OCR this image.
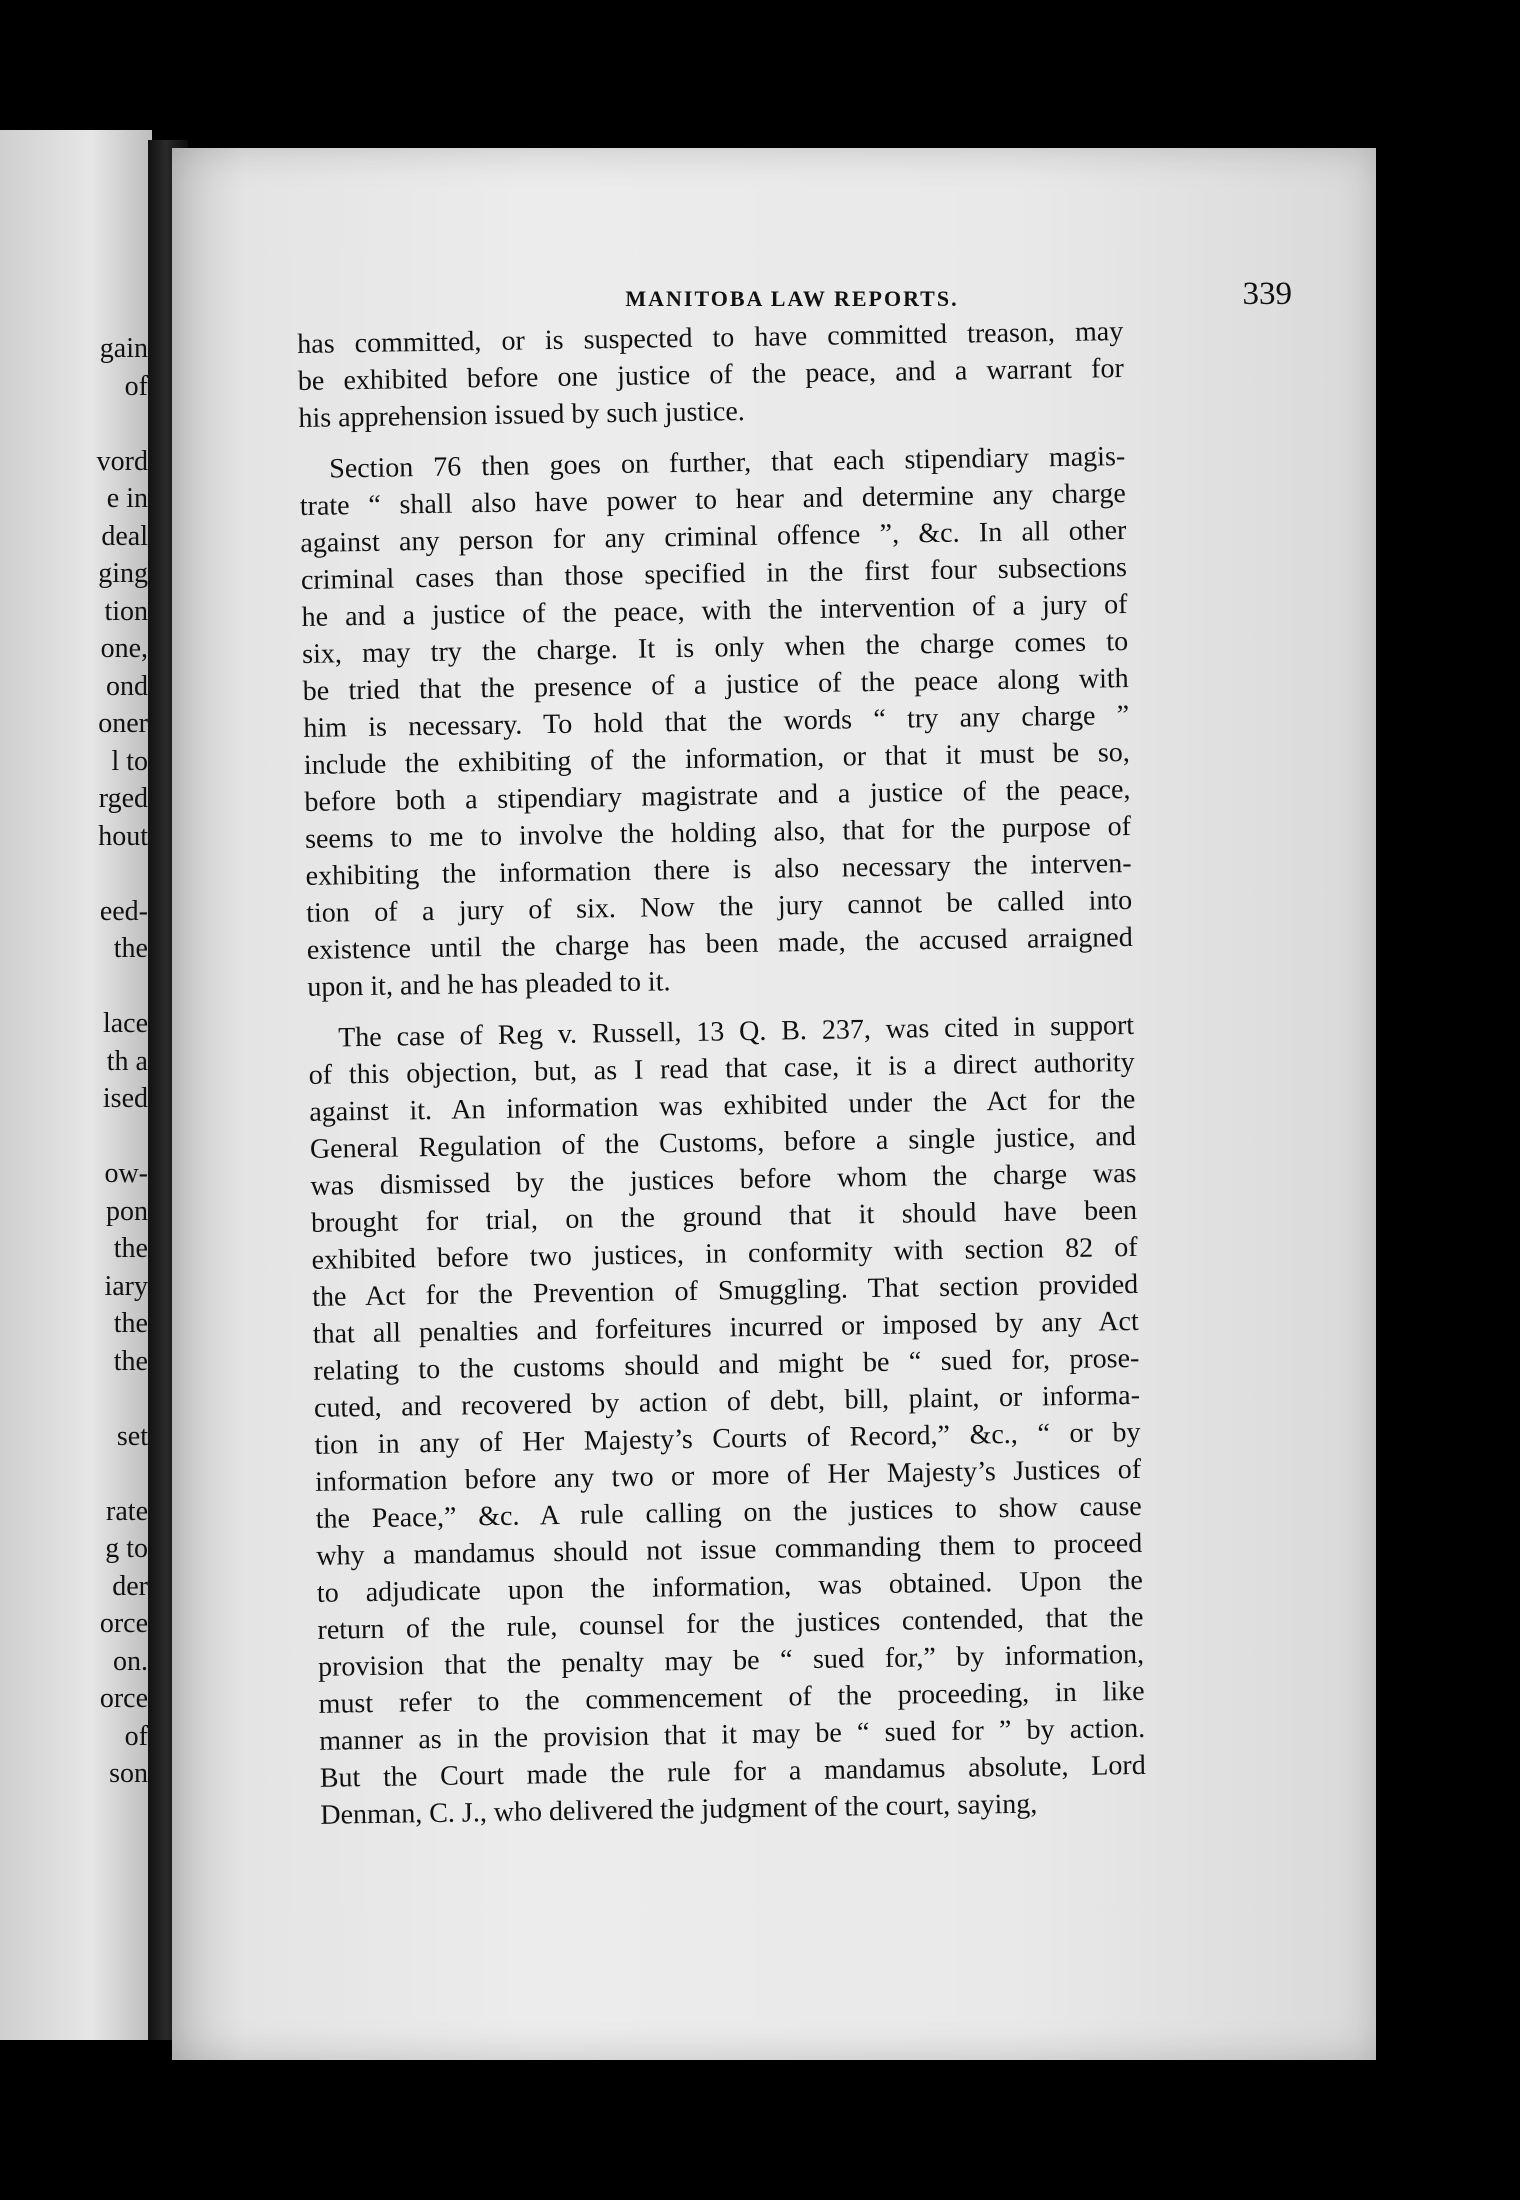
gain
of
vord
e in
deal
ging
tion
one,
ond
oner
l to
rged
hout
eed-
the
lace
th a
ised
ow-
pon
the
iary
the
the
set
rate
g to
der
orce
on.
orce
of
son
MANITOBA LAW REPORTS.	339
has committed, or is suspected to have committed treason, may
be exhibited before one justice of the peace, and a warrant for
his apprehension issued by such justice.
Section 76 then goes on further, that each stipendiary magis-
trate “ shall also have power to hear and determine any charge
against any person for any criminal offence ”, &c. In all other
criminal cases than those specified in the first four subsections
he and a justice of the peace, with the intervention of a jury of
six, may try the charge. It is only when the charge comes to
be tried that the presence of a justice of the peace along with
him is necessary. To hold that the words “ try any charge ”
include the exhibiting of the information, or that it must be so,
before both a stipendiary magistrate and a justice of the peace,
seems to me to involve the holding also, that for the purpose of
exhibiting the information there is also necessary the interven-
tion of a jury of six. Now the jury cannot be called into
existence until the charge has been made, the accused arraigned
upon it, and he has pleaded to it.
The case of Reg v. Russell, 13 Q. B. 237, was cited in support
of this objection, but, as I read that case, it is a direct authority
against it. An information was exhibited under the Act for the
General Regulation of the Customs, before a single justice, and
was dismissed by the justices before whom the charge was
brought for trial, on the ground that it should have been
exhibited before two justices, in conformity with section 82 of
the Act for the Prevention of Smuggling. That section provided
that all penalties and forfeitures incurred or imposed by any Act
relating to the customs should and might be “ sued for, prose-
cuted, and recovered by action of debt, bill, plaint, or informa-
tion in any of Her Majesty’s Courts of Record,” &c., “ or by
information before any two or more of Her Majesty’s Justices of
the Peace,” &c. A rule calling on the justices to show cause
why a mandamus should not issue commanding them to proceed
to adjudicate upon the information, was obtained. Upon the
return of the rule, counsel for the justices contended, that the
provision that the penalty may be “ sued for,” by information,
must refer to the commencement of the proceeding, in like
manner as in the provision that it may be “ sued for ” by action.
But the Court made the rule for a mandamus absolute, Lord
Denman, C. J., who delivered the judgment of the court, saying,
